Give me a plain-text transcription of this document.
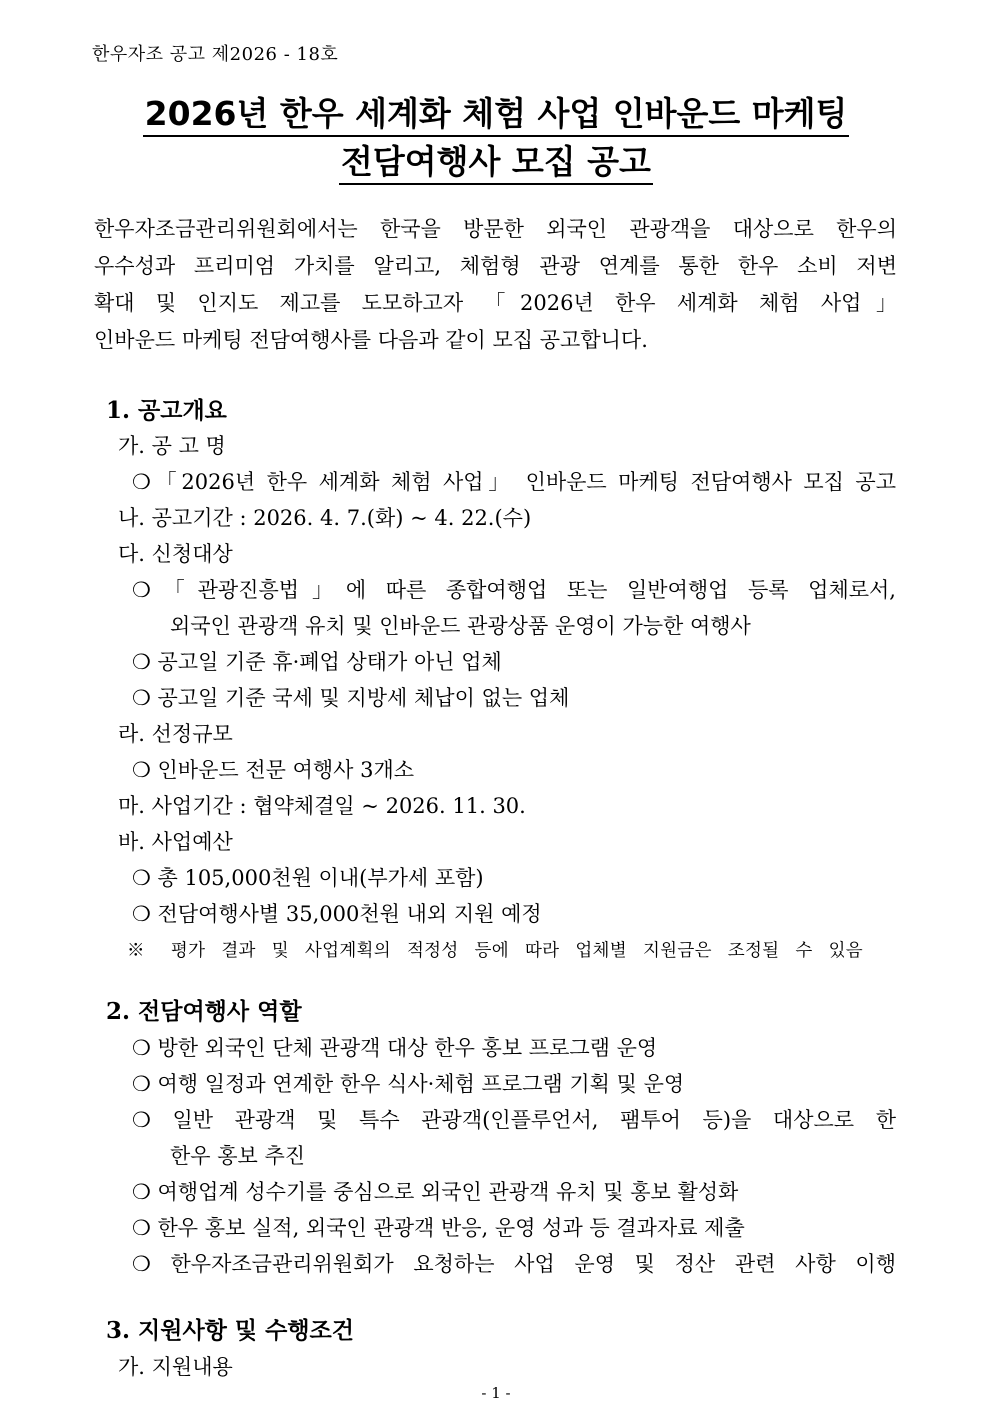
한우자조 공고 제2026 - 18호
2026년 한우 세계화 체험 사업 인바운드 마케팅
전담여행사 모집 공고
한우자조금관리위원회에서는 한국을 방문한 외국인 관광객을 대상으로 한우의
우수성과 프리미엄 가치를 알리고, 체험형 관광 연계를 통한 한우 소비 저변
확대 및 인지도 제고를 도모하고자 「2026년 한우 세계화 체험 사업」
인바운드 마케팅 전담여행사를 다음과 같이 모집 공고합니다.
1. 공고개요
가. 공 고 명
❍「2026년 한우 세계화 체험 사업」 인바운드 마케팅 전담여행사 모집 공고
나. 공고기간 : 2026. 4. 7.(화) ~ 4. 22.(수)
다. 신청대상
❍「관광진흥법」에 따른 종합여행업 또는 일반여행업 등록 업체로서,
외국인 관광객 유치 및 인바운드 관광상품 운영이 가능한 여행사
❍ 공고일 기준 휴·폐업 상태가 아닌 업체
❍ 공고일 기준 국세 및 지방세 체납이 없는 업체
라. 선정규모
❍ 인바운드 전문 여행사 3개소
마. 사업기간 : 협약체결일 ~ 2026. 11. 30.
바. 사업예산
❍ 총 105,000천원 이내(부가세 포함)
❍ 전담여행사별 35,000천원 내외 지원 예정
※ 평가 결과 및 사업계획의 적정성 등에 따라 업체별 지원금은 조정될 수 있음
2. 전담여행사 역할
❍ 방한 외국인 단체 관광객 대상 한우 홍보 프로그램 운영
❍ 여행 일정과 연계한 한우 식사·체험 프로그램 기획 및 운영
❍ 일반 관광객 및 특수 관광객(인플루언서, 팸투어 등)을 대상으로 한
한우 홍보 추진
❍ 여행업계 성수기를 중심으로 외국인 관광객 유치 및 홍보 활성화
❍ 한우 홍보 실적, 외국인 관광객 반응, 운영 성과 등 결과자료 제출
❍ 한우자조금관리위원회가 요청하는 사업 운영 및 정산 관련 사항 이행
3. 지원사항 및 수행조건
가. 지원내용
- 1 -
